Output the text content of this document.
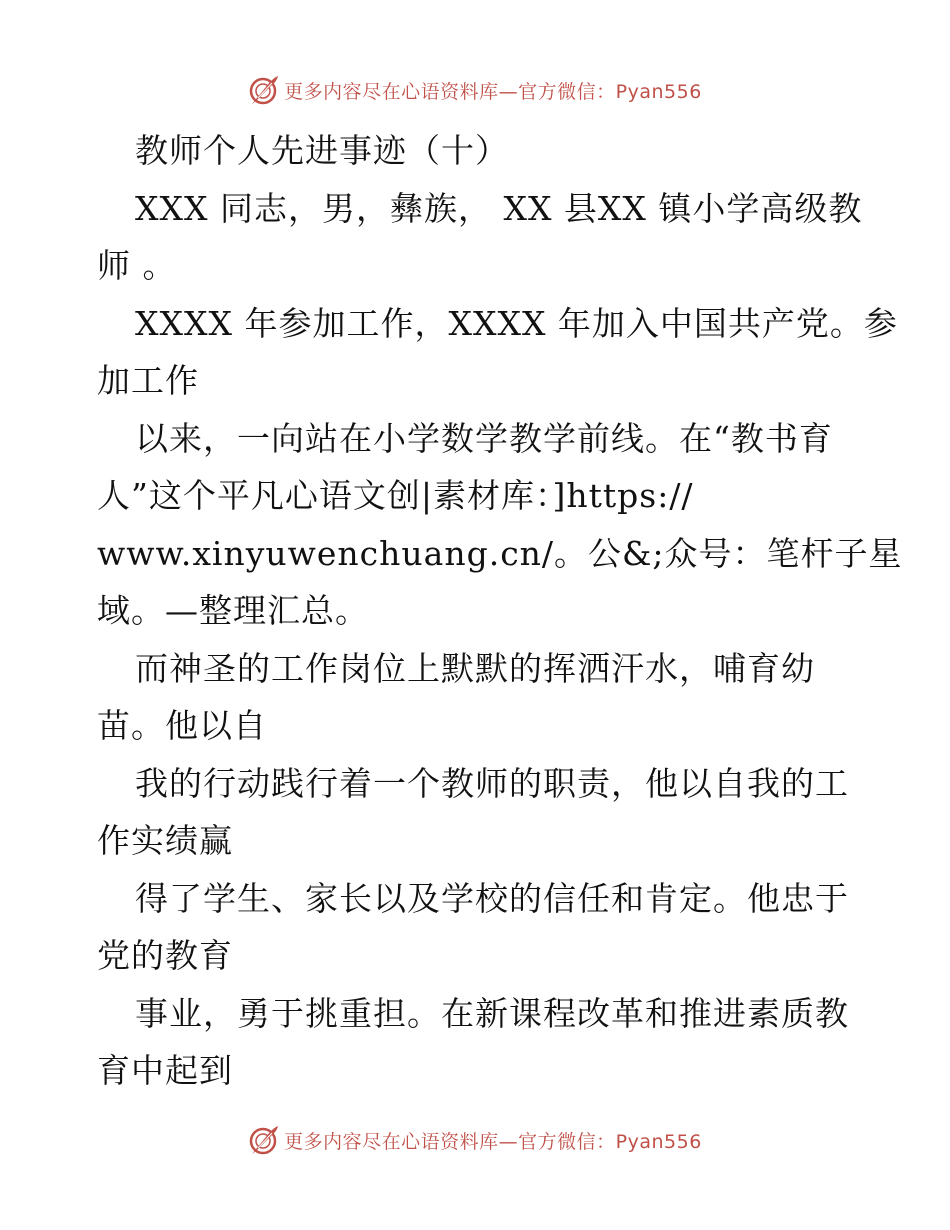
更多内容尽在心语资料库—官方微信：Pyan556
教师个人先进事迹（十）
XXX 同志，男，彝族， XX 县XX 镇小学高级教
师 。
XXXX 年参加工作，XXXX 年加入中国共产党。参
加工作
以来，一向站在小学数学教学前线。在“教书育
人”这个平凡心语文创|素材库：]https://
www.xinyuwenchuang.cn/。公&;众号：笔杆子星
域。—整理汇总。
而神圣的工作岗位上默默的挥洒汗水，哺育幼
苗。他以自
我的行动践行着一个教师的职责，他以自我的工
作实绩赢
得了学生、家长以及学校的信任和肯定。他忠于
党的教育
事业，勇于挑重担。在新课程改革和推进素质教
育中起到
更多内容尽在心语资料库—官方微信：Pyan556
